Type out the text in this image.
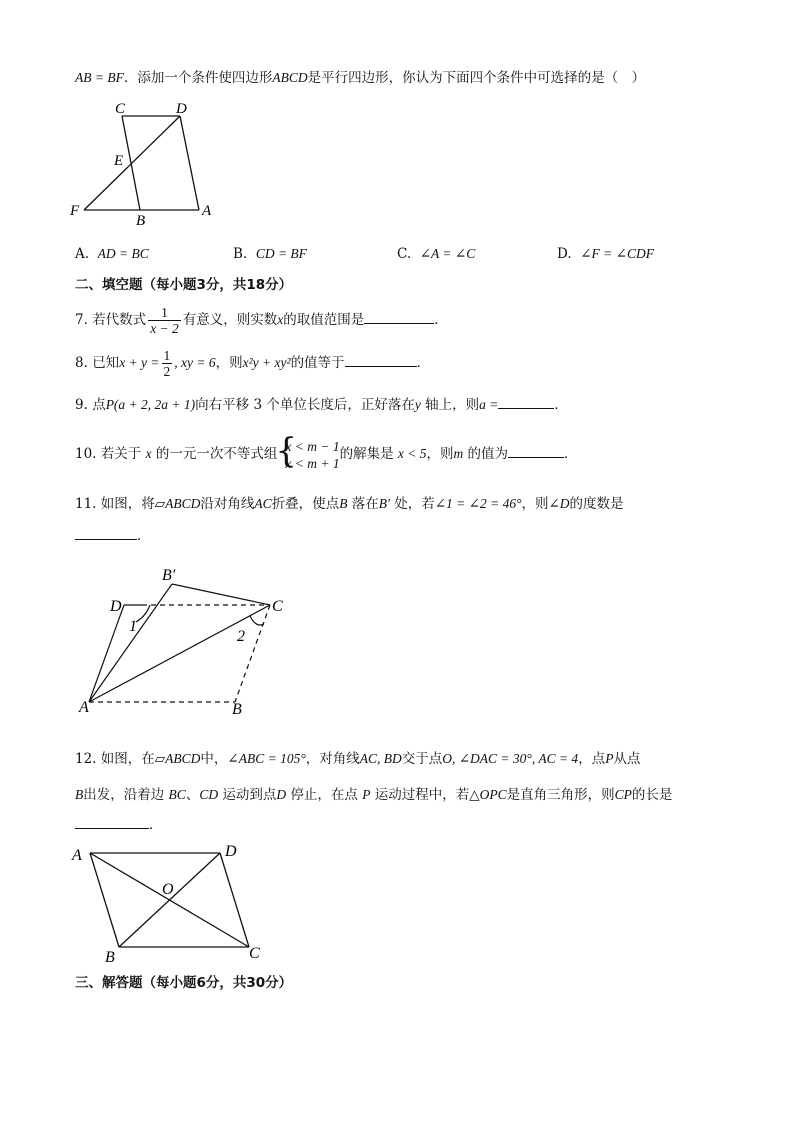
AB = BF．添加一个条件使四边形ABCD是平行四边形，你认为下面四个条件中可选择的是（　）
C	D
E
F
B
A
A. AD = BC	B. CD = BF	C. ∠A = ∠C	D. ∠F = ∠CDF
二、填空题（每小题3分，共18分）
7. 若代数式 $\frac{1}{x - 2}$ 有意义，则实数x的取值范围是	．
8. 已知$x + y = \frac{1}{2}$ , xy = 6，则x²y + xy²的值等于	．
9. 点P(a + 2, 2a + 1)向右平移 3 个单位长度后，正好落在y 轴上，则a =	．
10. 若关于 x 的一元一次不等式组
{
x < m − 1
x < m + 1
的解集是 x < 5，则m 的值为	．
11. 如图，将▱ABCD沿对角线AC折叠，使点B 落在B′ 处，若∠1 = ∠2 = 46°，则∠D的度数是
．
B′
D	C
1
2
A	B
12. 如图，在▱ABCD中，∠ABC = 105°，对角线AC, BD交于点O, ∠DAC = 30°, AC = 4，点P从点
B出发，沿着边 BC、CD 运动到点D 停止，在点 P 运动过程中，若△OPC是直角三角形，则CP的长是
．
A	D
O
B	C
三、解答题（每小题6分，共30分）
